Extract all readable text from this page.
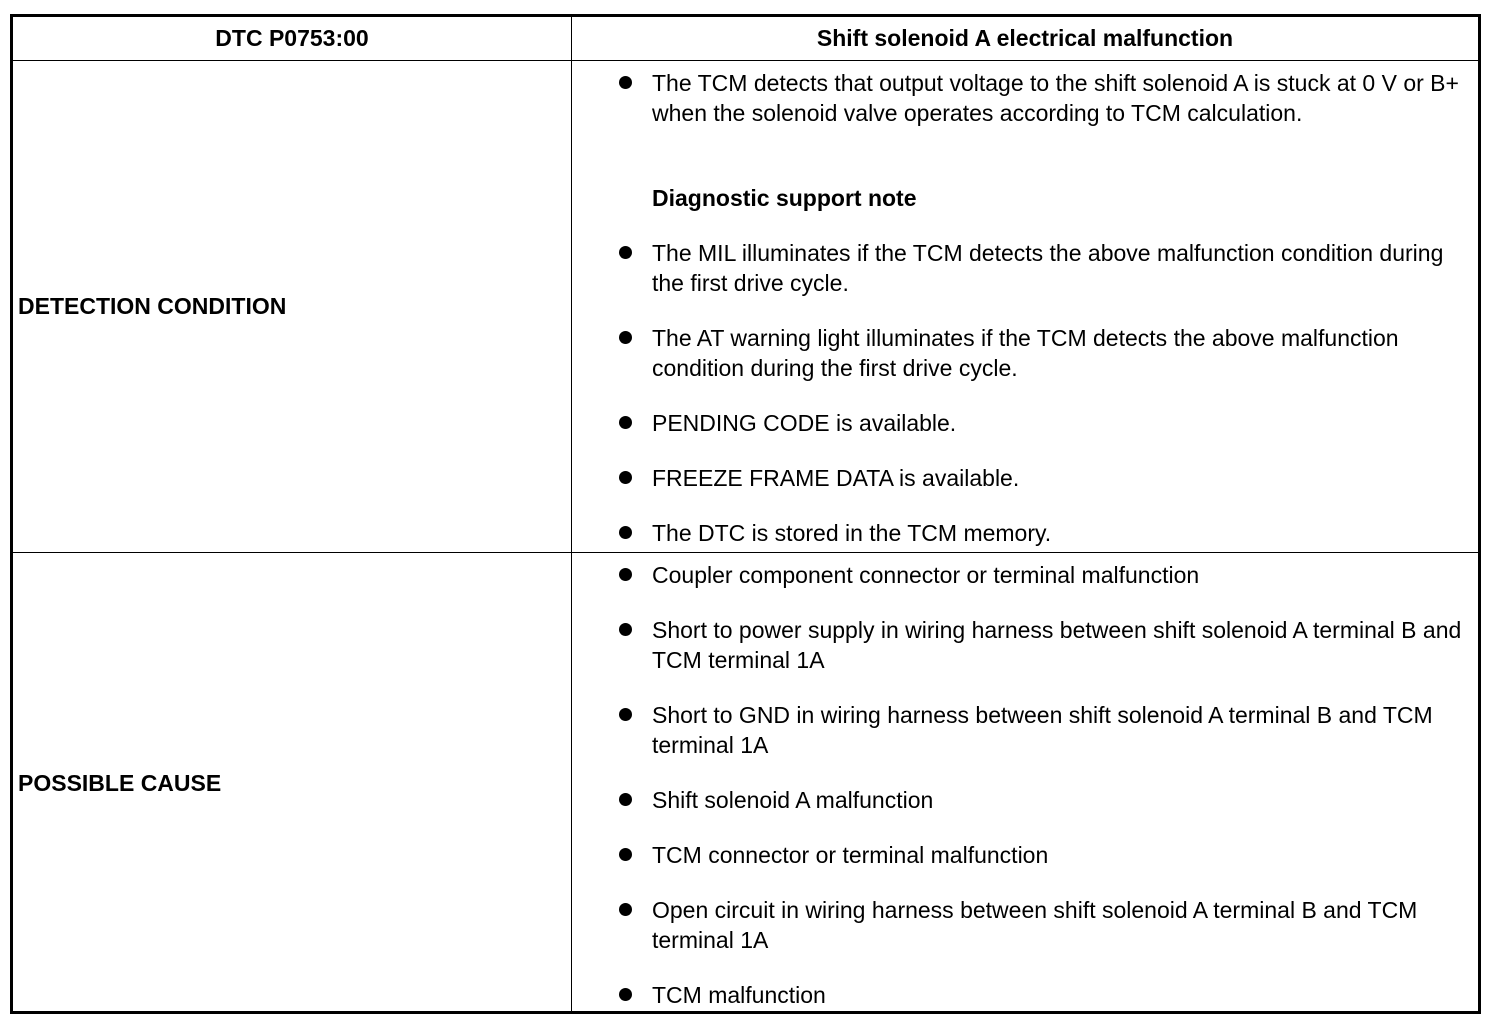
DTC P0753:00	Shift solenoid A electrical malfunction
DETECTION CONDITION
The TCM detects that output voltage to the shift solenoid A is stuck at 0 V or B+ when the solenoid valve operates according to TCM calculation.
Diagnostic support note
The MIL illuminates if the TCM detects the above malfunction condition during the first drive cycle.
The AT warning light illuminates if the TCM detects the above malfunction condition during the first drive cycle.
PENDING CODE is available.
FREEZE FRAME DATA is available.
The DTC is stored in the TCM memory.
POSSIBLE CAUSE
Coupler component connector or terminal malfunction
Short to power supply in wiring harness between shift solenoid A terminal B and TCM terminal 1A
Short to GND in wiring harness between shift solenoid A terminal B and TCM terminal 1A
Shift solenoid A malfunction
TCM connector or terminal malfunction
Open circuit in wiring harness between shift solenoid A terminal B and TCM terminal 1A
TCM malfunction
